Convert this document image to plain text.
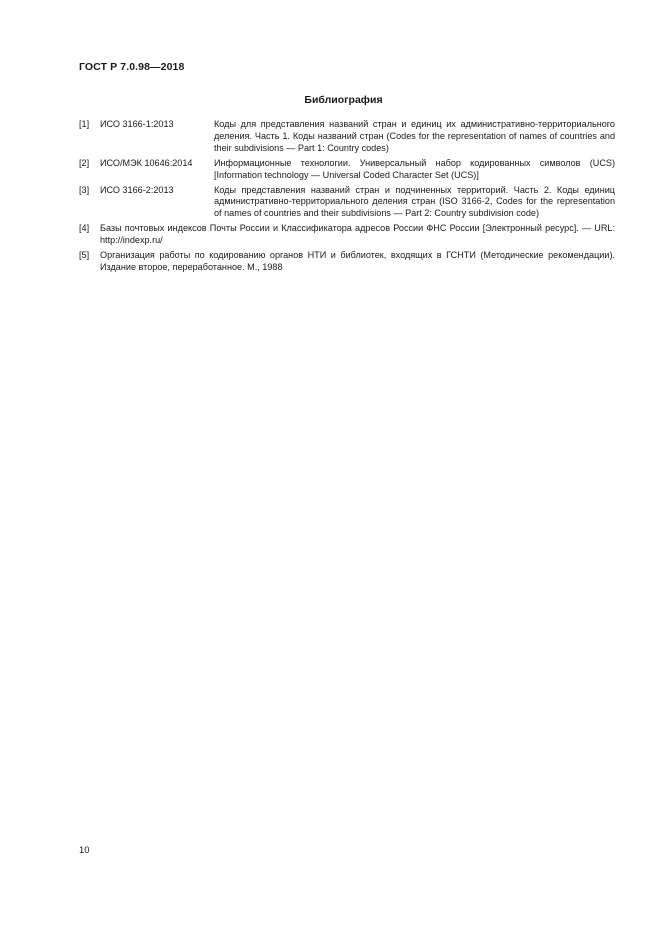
ГОСТ Р 7.0.98—2018
Библиография
[1] ИСО 3166-1:2013	Коды для представления названий стран и единиц их административно-территориального деления. Часть 1. Коды названий стран (Codes for the representation of names of countries and their subdivisions — Part 1: Country codes)
[2] ИСО/МЭК 10646:2014 Информационные технологии. Универсальный набор кодированных символов (UCS) [Information technology — Universal Coded Character Set (UCS)]
[3] ИСО 3166-2:2013	Коды представления названий стран и подчиненных территорий. Часть 2. Коды единиц административно-территориального деления стран (ISO 3166-2, Codes for the representation of names of countries and their subdivisions — Part 2: Country subdivision code)
[4] Базы почтовых индексов Почты России и Классификатора адресов России ФНС России [Электронный ресурс]. — URL: http://indexp.ru/
[5] Организация работы по кодированию органов НТИ и библиотек, входящих в ГСНТИ (Методические рекомендации). Издание второе, переработанное. М., 1988
10
